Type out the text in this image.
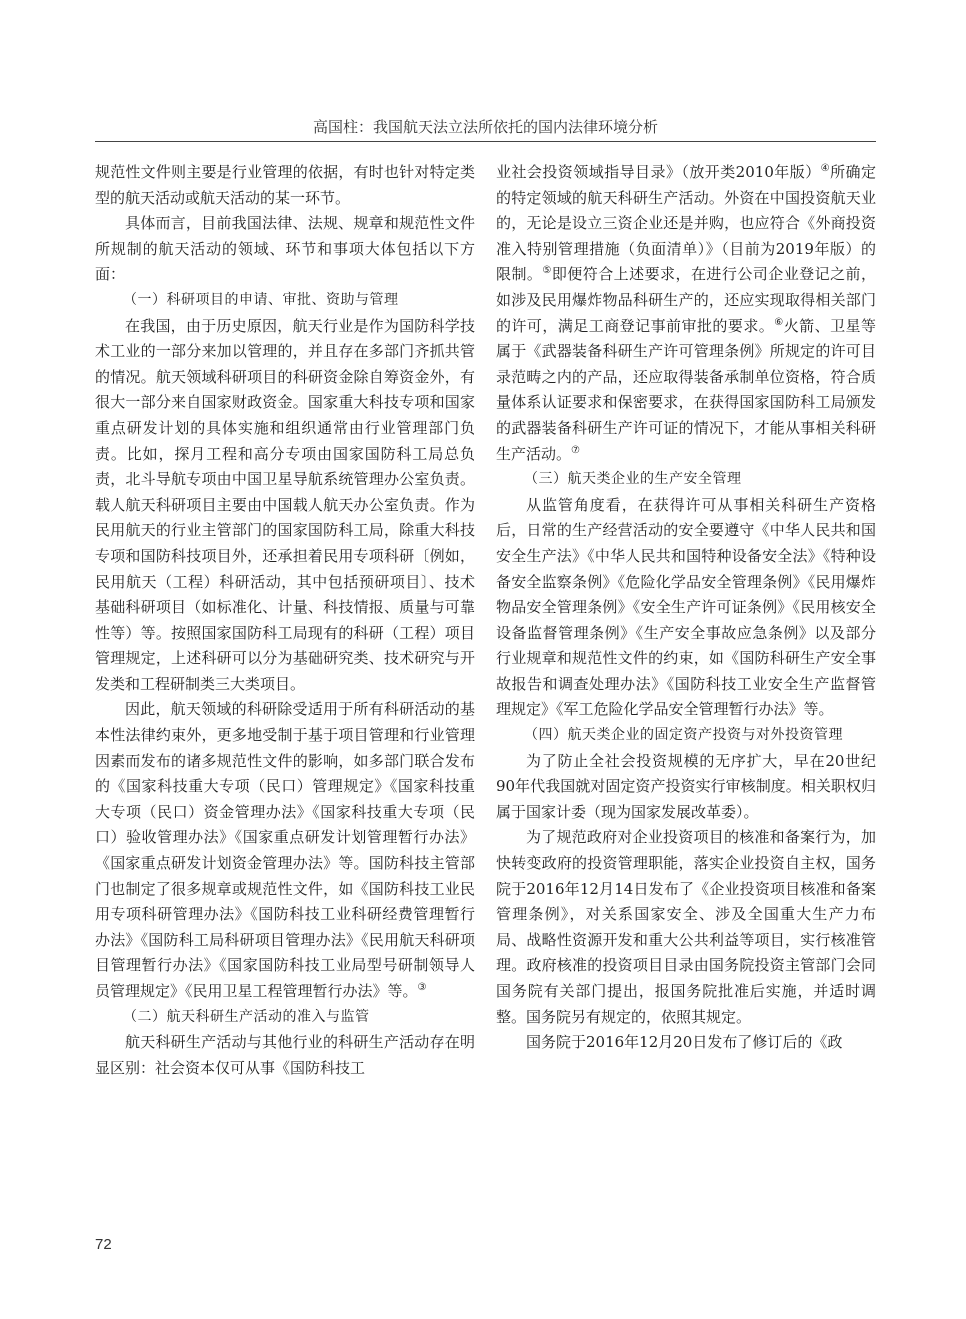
高国柱：我国航天法立法所依托的国内法律环境分析

规范性文件则主要是行业管理的依据，有时也针对特定类型的航天活动或航天活动的某一环节。

具体而言，目前我国法律、法规、规章和规范性文件所规制的航天活动的领域、环节和事项大体包括以下方面：

（一）科研项目的申请、审批、资助与管理

在我国，由于历史原因，航天行业是作为国防科学技术工业的一部分来加以管理的，并且存在多部门齐抓共管的情况。航天领域科研项目的科研资金除自筹资金外，有很大一部分来自国家财政资金。国家重大科技专项和国家重点研发计划的具体实施和组织通常由行业管理部门负责。比如，探月工程和高分专项由国家国防科工局总负责，北斗导航专项由中国卫星导航系统管理办公室负责。载人航天科研项目主要由中国载人航天办公室负责。作为民用航天的行业主管部门的国家国防科工局，除重大科技专项和国防科技项目外，还承担着民用专项科研〔例如，民用航天（工程）科研活动，其中包括预研项目〕、技术基础科研项目（如标准化、计量、科技情报、质量与可靠性等）等。按照国家国防科工局现有的科研（工程）项目管理规定，上述科研可以分为基础研究类、技术研究与开发类和工程研制类三大类项目。

因此，航天领域的科研除受适用于所有科研活动的基本性法律约束外，更多地受制于基于项目管理和行业管理因素而发布的诸多规范性文件的影响，如多部门联合发布的《国家科技重大专项（民口）管理规定》《国家科技重大专项（民口）资金管理办法》《国家科技重大专项（民口）验收管理办法》《国家重点研发计划管理暂行办法》《国家重点研发计划资金管理办法》等。国防科技主管部门也制定了很多规章或规范性文件，如《国防科技工业民用专项科研管理办法》《国防科技工业科研经费管理暂行办法》《国防科工局科研项目管理办法》《民用航天科研项目管理暂行办法》《国家国防科技工业局型号研制领导人员管理规定》《民用卫星工程管理暂行办法》等。③

（二）航天科研生产活动的准入与监管

航天科研生产活动与其他行业的科研生产活动存在明显区别：社会资本仅可从事《国防科技工

业社会投资领域指导目录》（放开类2010年版）④所确定的特定领域的航天科研生产活动。外资在中国投资航天业的，无论是设立三资企业还是并购，也应符合《外商投资准入特别管理措施（负面清单）》（目前为2019年版）的限制。⑤即便符合上述要求，在进行公司企业登记之前，如涉及民用爆炸物品科研生产的，还应实现取得相关部门的许可，满足工商登记事前审批的要求。⑥火箭、卫星等属于《武器装备科研生产许可管理条例》所规定的许可目录范畴之内的产品，还应取得装备承制单位资格，符合质量体系认证要求和保密要求，在获得国家国防科工局颁发的武器装备科研生产许可证的情况下，才能从事相关科研生产活动。⑦

（三）航天类企业的生产安全管理

从监管角度看，在获得许可从事相关科研生产资格后，日常的生产经营活动的安全要遵守《中华人民共和国安全生产法》《中华人民共和国特种设备安全法》《特种设备安全监察条例》《危险化学品安全管理条例》《民用爆炸物品安全管理条例》《安全生产许可证条例》《民用核安全设备监督管理条例》《生产安全事故应急条例》以及部分行业规章和规范性文件的约束，如《国防科研生产安全事故报告和调查处理办法》《国防科技工业安全生产监督管理规定》《军工危险化学品安全管理暂行办法》等。

（四）航天类企业的固定资产投资与对外投资管理

为了防止全社会投资规模的无序扩大，早在20世纪90年代我国就对固定资产投资实行审核制度。相关职权归属于国家计委（现为国家发展改革委）。

为了规范政府对企业投资项目的核准和备案行为，加快转变政府的投资管理职能，落实企业投资自主权，国务院于2016年12月14日发布了《企业投资项目核准和备案管理条例》，对关系国家安全、涉及全国重大生产力布局、战略性资源开发和重大公共利益等项目，实行核准管理。政府核准的投资项目目录由国务院投资主管部门会同国务院有关部门提出，报国务院批准后实施，并适时调整。国务院另有规定的，依照其规定。

国务院于2016年12月20日发布了修订后的《政

72
